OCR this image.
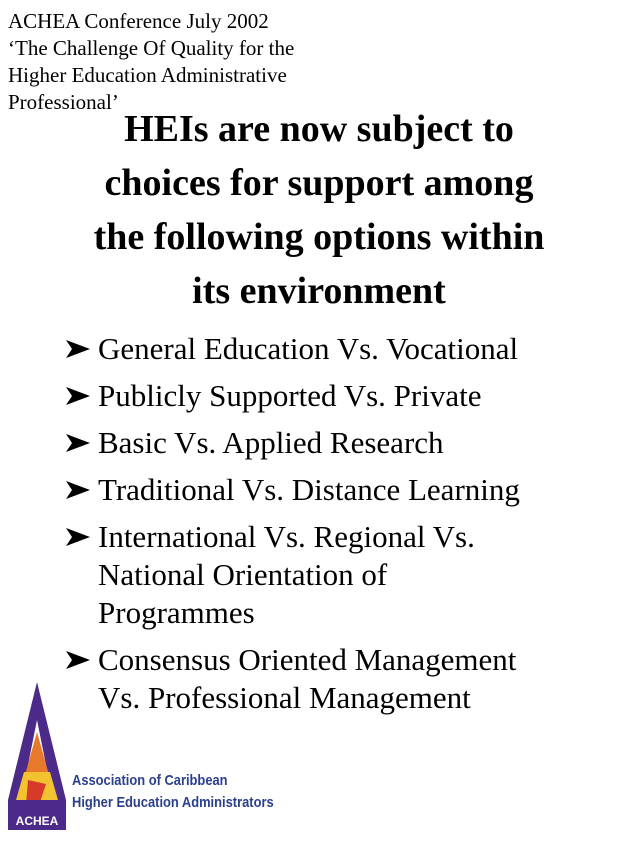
ACHEA Conference July 2002
‘The Challenge Of Quality for the
Higher Education Administrative
Professional’
HEIs are now subject to
choices for support among
the following options within
its environment
General Education Vs. Vocational
Publicly Supported Vs. Private
Basic Vs. Applied Research
Traditional Vs. Distance Learning
International Vs. Regional Vs.
National Orientation of
Programmes
Consensus Oriented Management
Vs. Professional Management
ACHEA
Association of Caribbean
Higher Education Administrators
